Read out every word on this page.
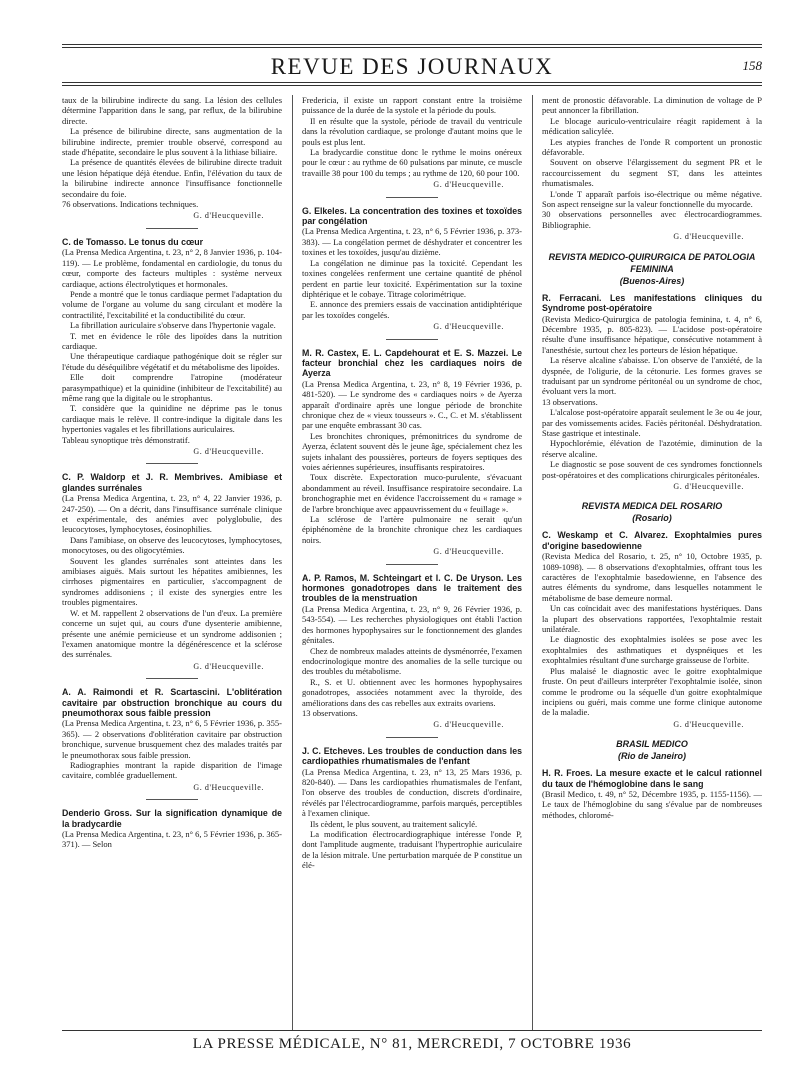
REVUE DES JOURNAUX	158

taux de la bilirubine indirecte du sang. La lésion des cellules détermine l'apparition dans le sang, par reflux, de la bilirubine directe.

La présence de bilirubine directe, sans augmentation de la bilirubine indirecte, premier trouble observé, correspond au stade d'hépatite, secondaire le plus souvent à la lithiase biliaire.

La présence de quantités élevées de bilirubine directe traduit une lésion hépatique déjà étendue. Enfin, l'élévation du taux de la bilirubine indirecte annonce l'insuffisance fonctionnelle secondaire du foie.

76 observations. Indications techniques.

G. d'Heucqueville.

C. de Tomasso. Le tonus du cœur

(La Prensa Medica Argentina, t. 23, n° 2, 8 Janvier 1936, p. 104-119). — Le problème, fondamental en cardiologie, du tonus du cœur, comporte des facteurs multiples : système nerveux cardiaque, actions électrolytiques et hormonales.

Pende a montré que le tonus cardiaque permet l'adaptation du volume de l'organe au volume du sang circulant et modère la contractilité, l'excitabilité et la conductibilité du cœur.

La fibrillation auriculaire s'observe dans l'hypertonie vagale.

T. met en évidence le rôle des lipoïdes dans la nutrition cardiaque.

Une thérapeutique cardiaque pathogénique doit se régler sur l'étude du déséquilibre végétatif et du métabolisme des lipoïdes.

Elle doit comprendre l'atropine (modérateur parasympathique) et la quinidine (inhibiteur de l'excitabilité) au même rang que la digitale ou le strophantus.

T. considère que la quinidine ne déprime pas le tonus cardiaque mais le relève. Il contre-indique la digitale dans les hypertonies vagales et les fibrillations auriculaires.

Tableau synoptique très démonstratif.

G. d'Heucqueville.

C. P. Waldorp et J. R. Membrives. Amibiase et glandes surrénales

(La Prensa Medica Argentina, t. 23, n° 4, 22 Janvier 1936, p. 247-250). — On a décrit, dans l'insuffisance surrénale clinique et expérimentale, des anémies avec polyglobulie, des leucocytoses, lymphocytoses, éosinophilies.

Dans l'amibiase, on observe des leucocytoses, lymphocytoses, monocytoses, ou des oligocytémies.

Souvent les glandes surrénales sont atteintes dans les amibiases aiguës. Mais surtout les hépatites amibiennes, les cirrhoses pigmentaires en particulier, s'accompagnent de syndromes addisoniens ; il existe des synergies entre les troubles pigmentaires.

W. et M. rappellent 2 observations de l'un d'eux. La première concerne un sujet qui, au cours d'une dysenterie amibienne, présente une anémie pernicieuse et un syndrome addisonien ; l'examen anatomique montre la dégénérescence et la sclérose des surrénales.

G. d'Heucqueville.

A. A. Raimondi et R. Scartascini. L'oblitération cavitaire par obstruction bronchique au cours du pneumothorax sous faible pression

(La Prensa Medica Argentina, t. 23, n° 6, 5 Février 1936, p. 355-365). — 2 observations d'oblitération cavitaire par obstruction bronchique, survenue brusquement chez des malades traités par le pneumothorax sous faible pression.

Radiographies montrant la rapide disparition de l'image cavitaire, comblée graduellement.

G. d'Heucqueville.

Denderio Gross. Sur la signification dynamique de la bradycardie

(La Prensa Medica Argentina, t. 23, n° 6, 5 Février 1936, p. 365-371). — Selon

Fredericia, il existe un rapport constant entre la troisième puissance de la durée de la systole et la période du pouls.

Il en résulte que la systole, période de travail du ventricule dans la révolution cardiaque, se prolonge d'autant moins que le pouls est plus lent.

La bradycardie constitue donc le rythme le moins onéreux pour le cœur : au rythme de 60 pulsations par minute, ce muscle travaille 38 pour 100 du temps ; au rythme de 120, 60 pour 100.

G. d'Heucqueville.

G. Elkeles. La concentration des toxines et toxoïdes par congélation

(La Prensa Medica Argentina, t. 23, n° 6, 5 Février 1936, p. 373-383). — La congélation permet de déshydrater et concentrer les toxines et les toxoïdes, jusqu'au dizième.

La congélation ne diminue pas la toxicité. Cependant les toxines congelées renferment une certaine quantité de phénol perdent en partie leur toxicité. Expérimentation sur la toxine diphtérique et le cobaye. Titrage colorimétrique.

E. annonce des premiers essais de vaccination antidiphtérique par les toxoïdes congelés.

G. d'Heucqueville.

M. R. Castex, E. L. Capdehourat et E. S. Mazzei. Le facteur bronchial chez les cardiaques noirs de Ayerza

(La Prensa Medica Argentina, t. 23, n° 8, 19 Février 1936, p. 481-520). — Le syndrome des « cardiaques noirs » de Ayerza apparaît d'ordinaire après une longue période de bronchite chronique chez de « vieux tousseurs ». C., C. et M. s'établissent par une enquête embrassant 30 cas.

Les bronchites chroniques, prémonitrices du syndrome de Ayerza, éclatent souvent dès le jeune âge, spécialement chez les sujets inhalant des poussières, porteurs de foyers septiques des voies aériennes supérieures, insuffisants respiratoires.

Toux discrète. Expectoration muco-purulente, s'évacuant abondamment au réveil. Insuffisance respiratoire secondaire. La bronchographie met en évidence l'accroissement du « ramage » de l'arbre bronchique avec appauvrissement du « feuillage ».

La sclérose de l'artère pulmonaire ne serait qu'un épiphénomène de la bronchite chronique chez les cardiaques noirs.

G. d'Heucqueville.

A. P. Ramos, M. Schteingart et I. C. De Uryson. Les hormones gonadotropes dans le traitement des troubles de la menstruation

(La Prensa Medica Argentina, t. 23, n° 9, 26 Février 1936, p. 543-554). — Les recherches physiologiques ont établi l'action des hormones hypophysaires sur le fonctionnement des glandes génitales.

Chez de nombreux malades atteints de dysménorrée, l'examen endocrinologique montre des anomalies de la selle turcique ou des troubles du métabolisme.

R., S. et U. obtiennent avec les hormones hypophysaires gonadotropes, associées notamment avec la thyroïde, des améliorations dans des cas rebelles aux extraits ovariens.

13 observations.

G. d'Heucqueville.

J. C. Etcheves. Les troubles de conduction dans les cardiopathies rhumatismales de l'enfant

(La Prensa Medica Argentina, t. 23, n° 13, 25 Mars 1936, p. 820-840). — Dans les cardiopathies rhumatismales de l'enfant, l'on observe des troubles de conduction, discrets d'ordinaire, révélés par l'électrocardiogramme, parfois marqués, perceptibles à l'examen clinique.

Ils cèdent, le plus souvent, au traitement salicylé.

La modification électrocardiographique intéresse l'onde P, dont l'amplitude augmente, traduisant l'hypertrophie auriculaire de la lésion mitrale. Une perturbation marquée de P constitue un élé-

ment de pronostic défavorable. La diminution de voltage de P peut annoncer la fibrillation.

Le blocage auriculo-ventriculaire réagit rapidement à la médication salicylée.

Les atypies franches de l'onde R comportent un pronostic défavorable.

Souvent on observe l'élargissement du segment PR et le raccourcissement du segment ST, dans les atteintes rhumatismales.

L'onde T apparaît parfois iso-électrique ou même négative. Son aspect renseigne sur la valeur fonctionnelle du myocarde.

30 observations personnelles avec électrocardiogrammes. Bibliographie.

G. d'Heucqueville.
REVISTA MEDICO-QUIRURGICA DE PATOLOGIA FEMININA
(Buenos-Aires)

R. Ferracani. Les manifestations cliniques du Syndrome post-opératoire

(Revista Medico-Quirurgica de patologia feminina, t. 4, n° 6, Décembre 1935, p. 805-823). — L'acidose post-opératoire résulte d'une insuffisance hépatique, consécutive notamment à l'anesthésie, surtout chez les porteurs de lésion hépatique.

La réserve alcaline s'abaisse. L'on observe de l'anxiété, de la dyspnée, de l'oligurie, de la cétonurie. Les formes graves se traduisant par un syndrome péritonéal ou un syndrome de choc, évoluant vers la mort.

13 observations.

L'alcalose post-opératoire apparaît seulement le 3e ou 4e jour, par des vomissements acides. Faciès péritonéal. Déshydratation. Stase gastrique et intestinale.

Hypochlorémie, élévation de l'azotémie, diminution de la réserve alcaline.

Le diagnostic se pose souvent de ces syndromes fonctionnels post-opératoires et des complications chirurgicales péritonéales.

G. d'Heucqueville.
REVISTA MEDICA DEL ROSARIO
(Rosario)

C. Weskamp et C. Alvarez. Exophtalmies pures d'origine basedowienne

(Revista Medica del Rosario, t. 25, n° 10, Octobre 1935, p. 1089-1098). — 8 observations d'exophtalmies, offrant tous les caractères de l'exophtalmie basedowienne, en l'absence des autres éléments du syndrome, dans lesquelles notamment le métabolisme de base demeure normal.

Un cas coïncidait avec des manifestations hystériques. Dans la plupart des observations rapportées, l'exophtalmie restait unilatérale.

Le diagnostic des exophtalmies isolées se pose avec les exophtalmies des asthmatiques et dyspnéiques et les exophtalmies résultant d'une surcharge graisseuse de l'orbite.

Plus malaisé le diagnostic avec le goitre exophtalmique fruste. On peut d'ailleurs interpréter l'exophtalmie isolée, sinon comme le prodrome ou la séquelle d'un goitre exophtalmique incipiens ou guéri, mais comme une forme clinique autonome de la maladie.

G. d'Heucqueville.
BRASIL MEDICO
(Rio de Janeiro)

H. R. Froes. La mesure exacte et le calcul rationnel du taux de l'hémoglobine dans le sang

(Brasil Medico, t. 49, n° 52, Décembre 1935, p. 1155-1156). — Le taux de l'hémoglobine du sang s'évalue par de nombreuses méthodes, chloromé-

LA PRESSE MÉDICALE, N° 81, MERCREDI, 7 OCTOBRE 1936
